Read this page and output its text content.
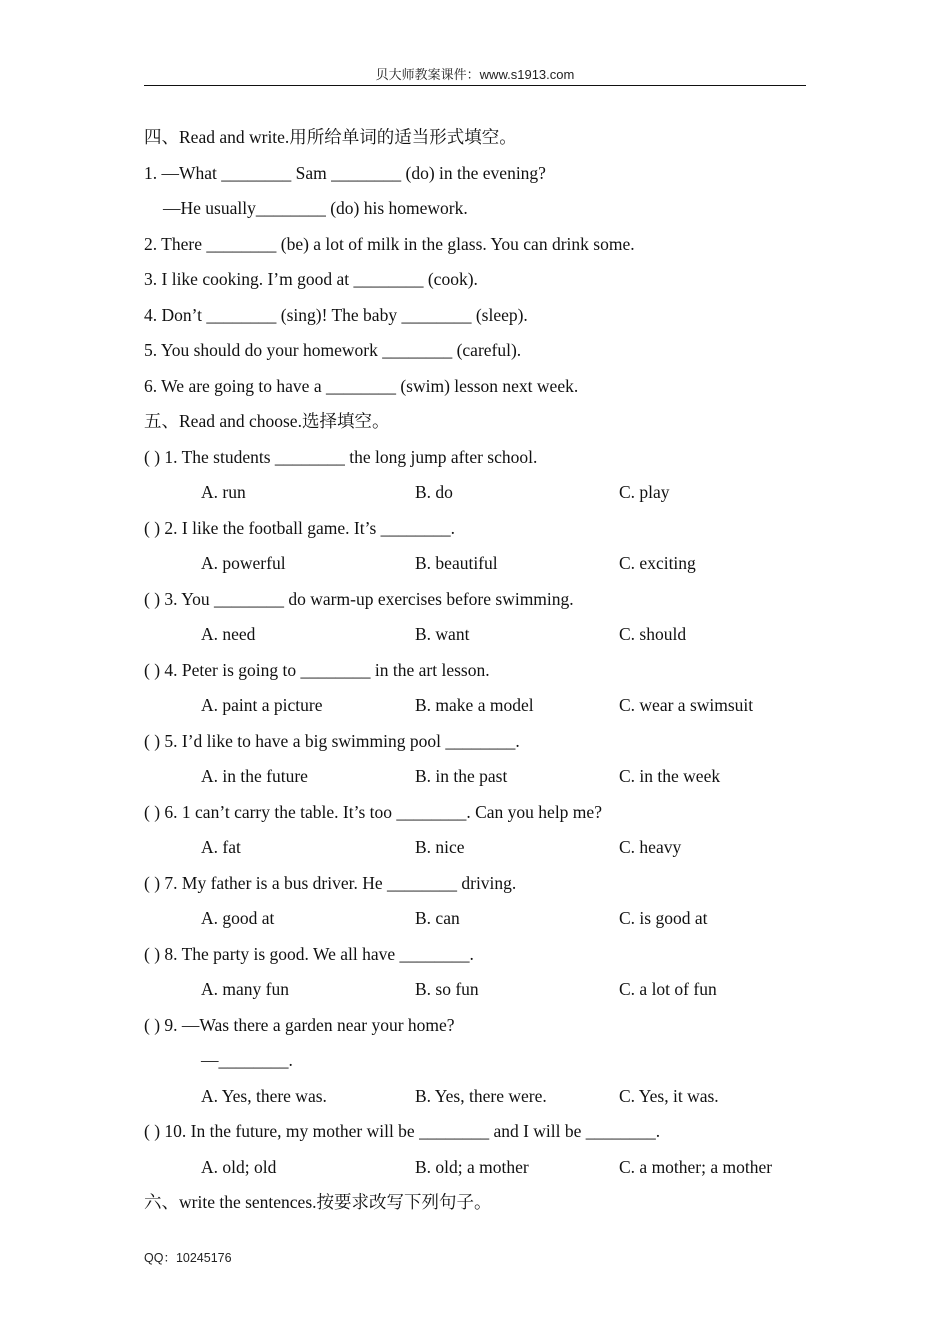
贝大师教案课件：www.s1913.com
四、Read and write.用所给单词的适当形式填空。
1. —What ________ Sam ________ (do) in the evening?
—He usually________ (do) his homework.
2. There ________ (be) a lot of milk in the glass. You can drink some.
3. I like cooking. I’m good at ________ (cook).
4. Don’t ________ (sing)! The baby ________ (sleep).
5. You should do your homework ________ (careful).
6. We are going to have a ________ (swim) lesson next week.
五、Read and choose.选择填空。
( ) 1. The students ________ the long jump after school.
A. run	B. do	C. play
( ) 2. I like the football game. It’s ________.
A. powerful	B. beautiful	C. exciting
( ) 3. You ________ do warm-up exercises before swimming.
A. need	B. want	C. should
( ) 4. Peter is going to ________ in the art lesson.
A. paint a picture	B. make a model	C. wear a swimsuit
( ) 5. I’d like to have a big swimming pool ________.
A. in the future	B. in the past	C. in the week
( ) 6. 1 can’t carry the table. It’s too ________. Can you help me?
A. fat	B. nice	C. heavy
( ) 7. My father is a bus driver. He ________ driving.
A. good at	B. can	C. is good at
( ) 8. The party is good. We all have ________.
A. many fun	B. so fun	C. a lot of fun
( ) 9. —Was there a garden near your home?
—________.
A. Yes, there was.	B. Yes, there were.	C. Yes, it was.
( ) 10. In the future, my mother will be ________ and I will be ________.
A. old; old	B. old; a mother	C. a mother; a mother
六、write the sentences.按要求改写下列句子。
QQ：10245176
